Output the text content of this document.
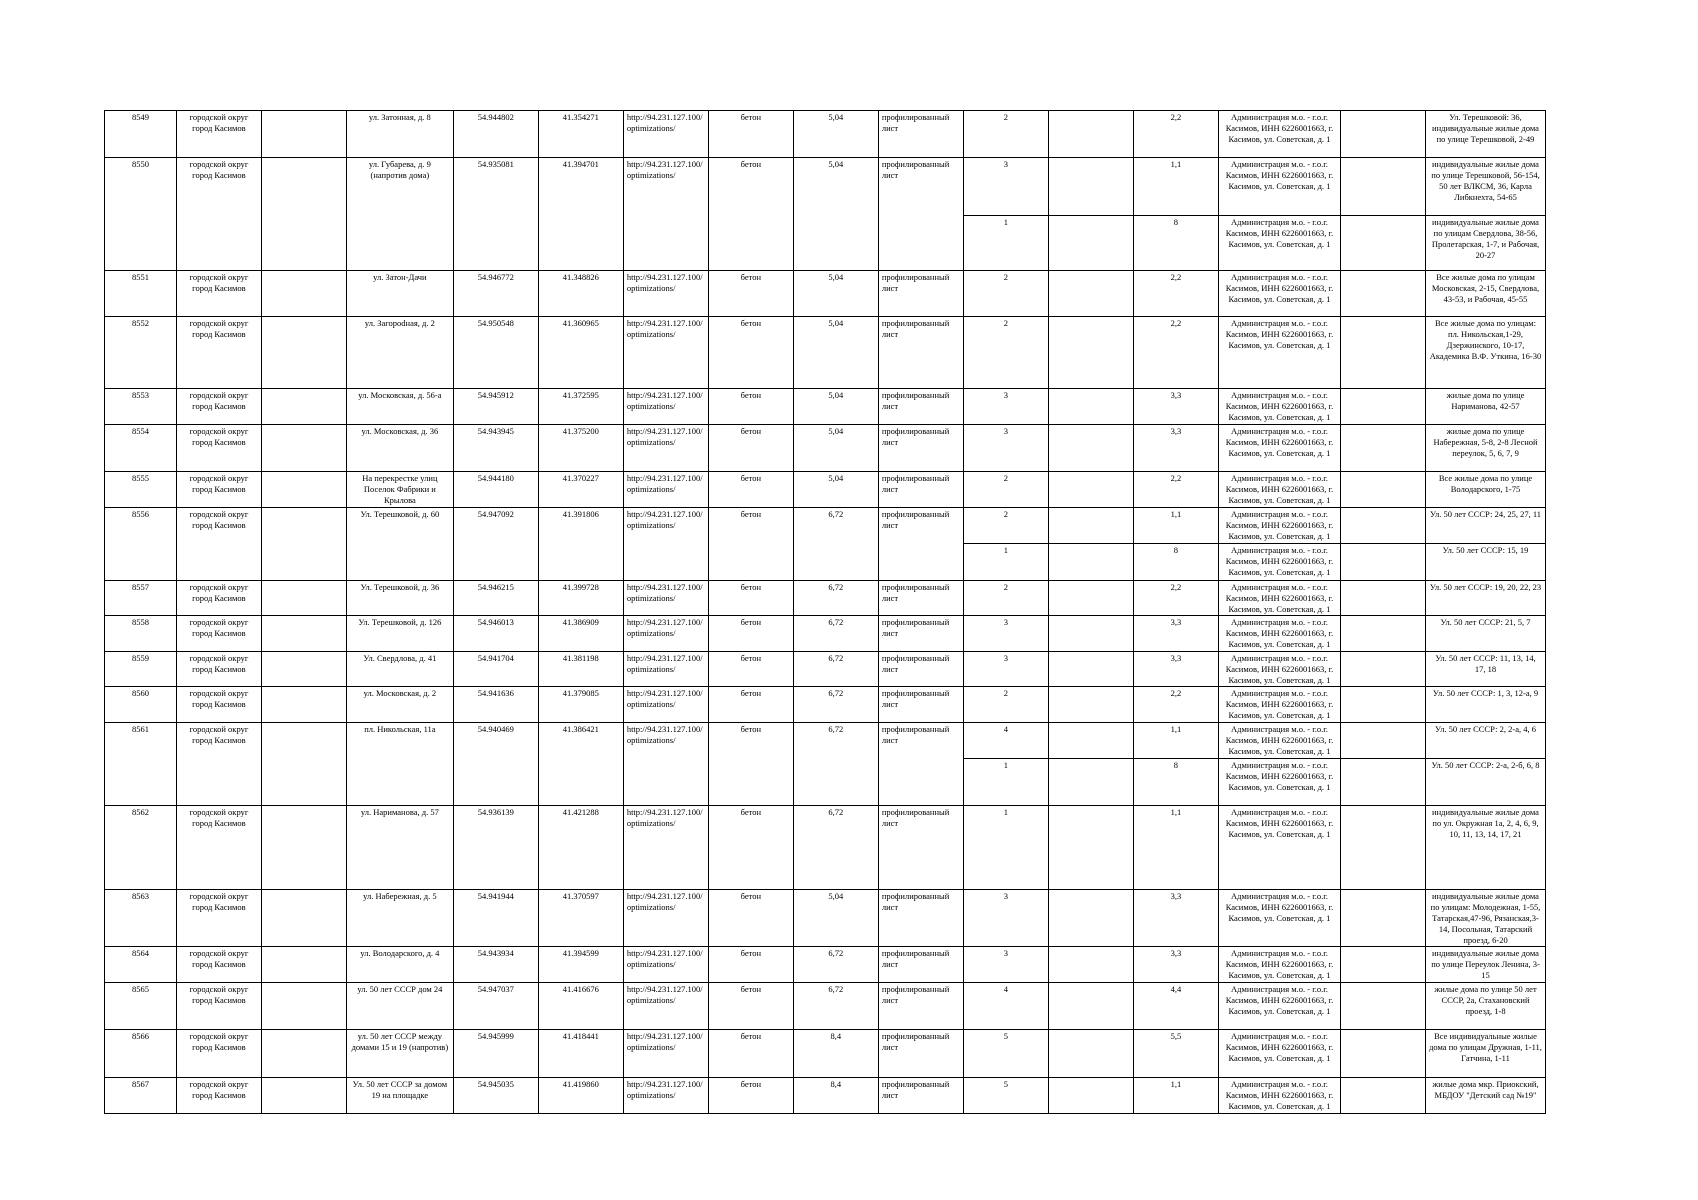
8549	городской округ город Касимов		ул. Затонная, д. 8	54.944802	41.354271	http://94.231.127.100/optimizations/	бетон	5,04	профилированный лист	2		2,2	Администрация м.о. - г.о.г. Касимов, ИНН 6226001663, г. Касимов, ул. Советская, д. 1		Ул. Терешковой: 36, индивидуальные жилые дома по улице Терешковой, 2-49
8550	городской округ город Касимов		ул. Губарева, д. 9 (напротив дома)	54.935081	41.394701	http://94.231.127.100/optimizations/	бетон	5,04	профилированный лист	3		1,1	Администрация м.о. - г.о.г. Касимов, ИНН 6226001663, г. Касимов, ул. Советская, д. 1		индивидуальные жилые дома по улице Терешковой, 56-154, 50 лет ВЛКСМ, 36, Карла Либкнехта, 54-65
										1		8	Администрация м.о. - г.о.г. Касимов, ИНН 6226001663, г. Касимов, ул. Советская, д. 1		индивидуальные жилые дома по улицам Свердлова, 38-56, Пролетарская, 1-7, и Рабочая, 20-27
8551	городской округ город Касимов		ул. Затон-Дачи	54.946772	41.348826	http://94.231.127.100/optimizations/	бетон	5,04	профилированный лист	2		2,2	Администрация м.о. - г.о.г. Касимов, ИНН 6226001663, г. Касимов, ул. Советская, д. 1		Все жилые дома по улицам Московская, 2-15, Свердлова, 43-53, и Рабочая, 45-55
8552	городской округ город Касимов		ул. Загорodная, д. 2	54.950548	41.360965	http://94.231.127.100/optimizations/	бетон	5,04	профилированный лист	2		2,2	Администрация м.о. - г.о.г. Касимов, ИНН 6226001663, г. Касимов, ул. Советская, д. 1		Все жилые дома по улицам: пл. Никольская,1-29, Дзержинского, 10-17, Академика В.Ф. Уткина, 16-30
8553	городской округ город Касимов		ул. Московская, д. 56-а	54.945912	41.372595	http://94.231.127.100/optimizations/	бетон	5,04	профилированный лист	3		3,3	Администрация м.о. - г.о.г. Касимов, ИНН 6226001663, г. Касимов, ул. Советская, д. 1		жилые дома по улице Нариманова, 42-57
8554	городской округ город Касимов		ул. Московская, д. 36	54.943945	41.375200	http://94.231.127.100/optimizations/	бетон	5,04	профилированный лист	3		3,3	Администрация м.о. - г.о.г. Касимов, ИНН 6226001663, г. Касимов, ул. Советская, д. 1		жилые дома по улице Набережная, 5-8, 2-8 Лесной переулок, 5, 6, 7, 9
8555	городской округ город Касимов		На перекрестке улиц Поселок Фабрики и Крылова	54.944180	41.370227	http://94.231.127.100/optimizations/	бетон	5,04	профилированный лист	2		2,2	Администрация м.о. - г.о.г. Касимов, ИНН 6226001663, г. Касимов, ул. Советская, д. 1		Все жилые дома по улице Володарского, 1-75
8556	городской округ город Касимов		Ул. Терешковой, д. 60	54.947092	41.391806	http://94.231.127.100/optimizations/	бетон	6,72	профилированный лист	2		1,1	Администрация м.о. - г.о.г. Касимов, ИНН 6226001663, г. Касимов, ул. Советская, д. 1		Ул. 50 лет СССР: 24, 25, 27, 11
										1		8	Администрация м.о. - г.о.г. Касимов, ИНН 6226001663, г. Касимов, ул. Советская, д. 1		Ул. 50 лет СССР: 15, 19
8557	городской округ город Касимов		Ул. Терешковой, д. 36	54.946215	41.399728	http://94.231.127.100/optimizations/	бетон	6,72	профилированный лист	2		2,2	Администрация м.о. - г.о.г. Касимов, ИНН 6226001663, г. Касимов, ул. Советская, д. 1		Ул. 50 лет СССР: 19, 20, 22, 23
8558	городской округ город Касимов		Ул. Терешковой, д. 126	54.946013	41.386909	http://94.231.127.100/optimizations/	бетон	6,72	профилированный лист	3		3,3	Администрация м.о. - г.о.г. Касимов, ИНН 6226001663, г. Касимов, ул. Советская, д. 1		Ул. 50 лет СССР: 21, 5, 7
8559	городской округ город Касимов		Ул. Свердлова, д. 41	54.941704	41.381198	http://94.231.127.100/optimizations/	бетон	6,72	профилированный лист	3		3,3	Администрация м.о. - г.о.г. Касимов, ИНН 6226001663, г. Касимов, ул. Советская, д. 1		Ул. 50 лет СССР: 11, 13, 14, 17, 18
8560	городской округ город Касимов		ул. Московская, д. 2	54.941636	41.379085	http://94.231.127.100/optimizations/	бетон	6,72	профилированный лист	2		2,2	Администрация м.о. - г.о.г. Касимов, ИНН 6226001663, г. Касимов, ул. Советская, д. 1		Ул. 50 лет СССР: 1, 3, 12-а, 9
8561	городской округ город Касимов		пл. Никольская, 11а	54.940469	41.386421	http://94.231.127.100/optimizations/	бетон	6,72	профилированный лист	4		1,1	Администрация м.о. - г.о.г. Касимов, ИНН 6226001663, г. Касимов, ул. Советская, д. 1		Ул. 50 лет СССР: 2, 2-а, 4, 6
										1		8	Администрация м.о. - г.о.г. Касимов, ИНН 6226001663, г. Касимов, ул. Советская, д. 1		Ул. 50 лет СССР: 2-а, 2-б, 6, 8
8562	городской округ город Касимов		ул. Нариманова, д. 57	54.936139	41.421288	http://94.231.127.100/optimizations/	бетон	6,72	профилированный лист	1		1,1	Администрация м.о. - г.о.г. Касимов, ИНН 6226001663, г. Касимов, ул. Советская, д. 1		индивидуальные жилые дома по ул. Окружная 1а, 2, 4, 6, 9, 10, 11, 13, 14, 17, 21
8563	городской округ город Касимов		ул. Набережная, д. 5	54.941944	41.370597	http://94.231.127.100/optimizations/	бетон	5,04	профилированный лист	3		3,3	Администрация м.о. - г.о.г. Касимов, ИНН 6226001663, г. Касимов, ул. Советская, д. 1		индивидуальные жилые дома по улицам: Молодежная, 1-55, Татарская,47-96, Рязанская,3-14, Посольная, Татарский проезд, 6-20
8564	городской округ город Касимов		ул. Володарского, д. 4	54.943934	41.394599	http://94.231.127.100/optimizations/	бетон	6,72	профилированный лист	3		3,3	Администрация м.о. - г.о.г. Касимов, ИНН 6226001663, г. Касимов, ул. Советская, д. 1		индивидуальные жилые дома по улице Переулок Ленина, 3-15
8565	городской округ город Касимов		ул. 50 лет СССР дом 24	54.947037	41.416676	http://94.231.127.100/optimizations/	бетон	6,72	профилированный лист	4		4,4	Администрация м.о. - г.о.г. Касимов, ИНН 6226001663, г. Касимов, ул. Советская, д. 1		жилые дома по улице 50 лет СССР, 2а, Стахановский проезд, 1-8
8566	городской округ город Касимов		ул. 50 лет СССР между домами 15 и 19 (напротив)	54.945999	41.418441	http://94.231.127.100/optimizations/	бетон	8,4	профилированный лист	5		5,5	Администрация м.о. - г.о.г. Касимов, ИНН 6226001663, г. Касимов, ул. Советская, д. 1		Все индивидуальные жилые дома по улицам Дружная, 1-11, Гатчина, 1-11
8567	городской округ город Касимов		Ул. 50 лет СССР за домом 19 на площадке	54.945035	41.419860	http://94.231.127.100/optimizations/	бетон	8,4	профилированный лист	5		1,1	Администрация м.о. - г.о.г. Касимов, ИНН 6226001663, г. Касимов, ул. Советская, д. 1		жилые дома мкр. Приокский, МБДОУ "Детский сад №19"
